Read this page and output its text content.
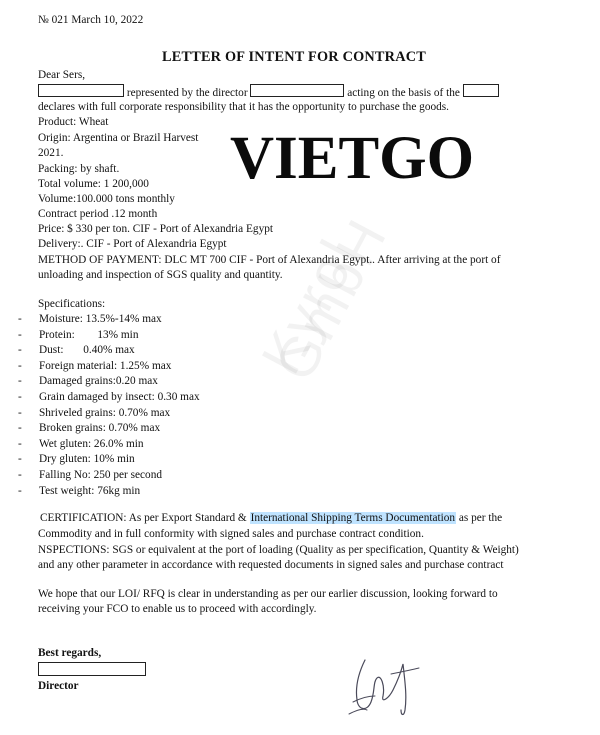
№ 021 March 10, 2022
LETTER OF INTENT FOR CONTRACT
Dear Sers,
represented by the director	acting on the basis of the
declares with full corporate responsibility that it has the opportunity to purchase the goods.
Product: Wheat
Origin: Argentina or Brazil Harvest
2021.
Packing: by shaft.
Total volume: 1 200,000
Volume:100.000 tons monthly
Contract period .12 month
Price: $ 330 per ton. CIF - Port of Alexandria Egypt
Delivery:. CIF - Port of Alexandria Egypt
METHOD OF PAYMENT: DLC MT 700 CIF - Port of Alexandria Egypt.. After arriving at the port of
unloading and inspection of SGS quality and quantity.
Specifications:
- Moisture: 13.5%-14% max
- Protein:        13% min
- Dust:       0.40% max
- Foreign material: 1.25% max
- Damaged grains:0.20 max
- Grain damaged by insect: 0.30 max
- Shriveled grains: 0.70% max
- Broken grains: 0.70% max
- Wet gluten: 26.0% min
- Dry gluten: 10% min
- Falling No: 250 per second
- Test weight: 76kg min
CERTIFICATION: As per Export Standard & International Shipping Terms Documentation as per the
Commodity and in full conformity with signed sales and purchase contract condition.
NSPECTIONS: SGS or equivalent at the port of loading (Quality as per specification, Quantity & Weight)
and any other parameter in accordance with requested documents in signed sales and purchase contract
We hope that our LOI/ RFQ is clear in understanding as per our earlier discussion, looking forward to
receiving your FCO to enable us to proceed with accordingly.
Best regards,
Director
Kyrol GmbH
VIETGO
